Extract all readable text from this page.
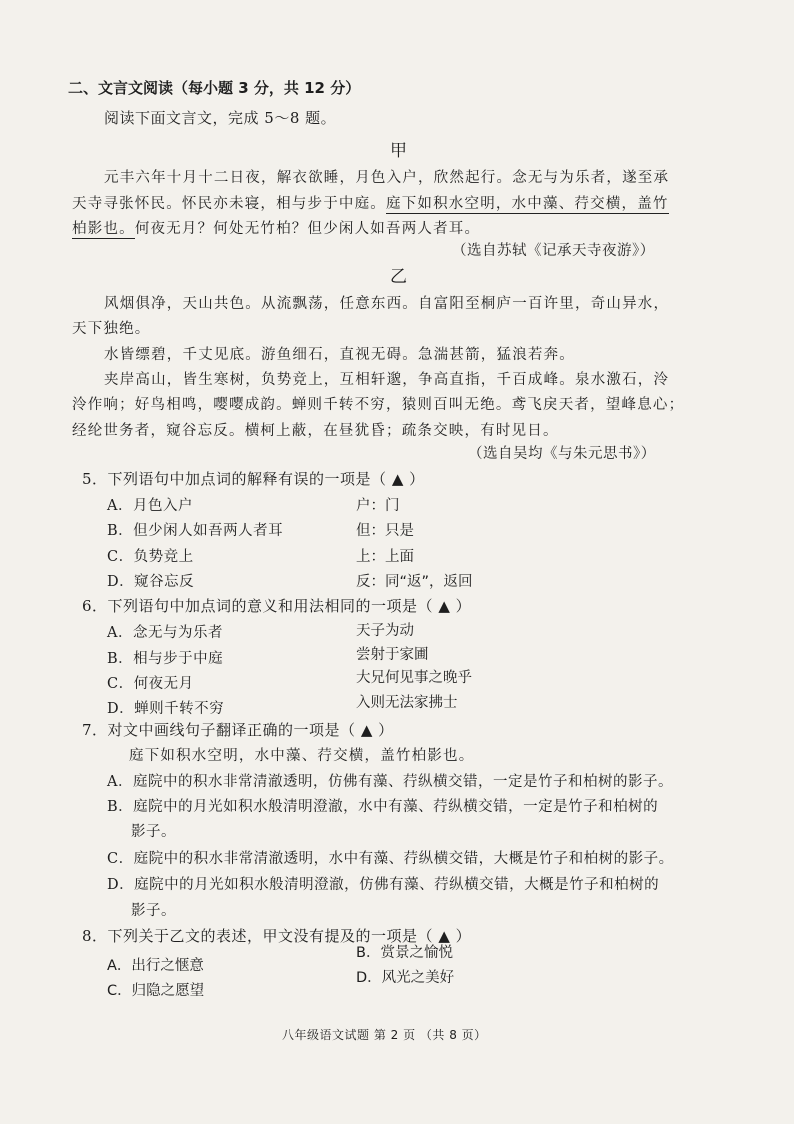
二、文言文阅读（每小题 3 分，共 12 分）
阅读下面文言文，完成 5～8 题。
甲
元丰六年十月十二日夜，解衣欲睡，月色入户，欣然起行。念无与为乐者，遂至承
天寺寻张怀民。怀民亦未寝，相与步于中庭。庭下如积水空明，水中藻、荇交横，盖竹
柏影也。何夜无月？何处无竹柏？但少闲人如吾两人者耳。
（选自苏轼《记承天寺夜游》）
乙
风烟俱净，天山共色。从流飘荡，任意东西。自富阳至桐庐一百许里，奇山异水，
天下独绝。
水皆缥碧，千丈见底。游鱼细石，直视无碍。急湍甚箭，猛浪若奔。
夹岸高山，皆生寒树，负势竞上，互相轩邈，争高直指，千百成峰。泉水激石，泠
泠作响；好鸟相鸣，嘤嘤成韵。蝉则千转不穷，猿则百叫无绝。鸢飞戾天者，望峰息心；
经纶世务者，窥谷忘反。横柯上蔽，在昼犹昏；疏条交映，有时见日。
（选自吴均《与朱元思书》）
5．下列语句中加点词的解释有误的一项是（ ▲ ）
A．月色入户	户：门
B．但少闲人如吾两人者耳	但：只是
C．负势竞上	上：上面
D．窥谷忘反	反：同“返”，返回
6．下列语句中加点词的意义和用法相同的一项是（ ▲ ）
A．念无与为乐者	天子为动
B．相与步于中庭	尝射于家圃
C．何夜无月	大兄何见事之晚乎
D．蝉则千转不穷	入则无法家拂士
7．对文中画线句子翻译正确的一项是（ ▲ ）
庭下如积水空明，水中藻、荇交横，盖竹柏影也。
A．庭院中的积水非常清澈透明，仿佛有藻、荇纵横交错，一定是竹子和柏树的影子。
B．庭院中的月光如积水般清明澄澈，水中有藻、荇纵横交错，一定是竹子和柏树的
影子。
C．庭院中的积水非常清澈透明，水中有藻、荇纵横交错，大概是竹子和柏树的影子。
D．庭院中的月光如积水般清明澄澈，仿佛有藻、荇纵横交错，大概是竹子和柏树的
影子。
8．下列关于乙文的表述，甲文没有提及的一项是（ ▲ ）
B．赏景之愉悦
A．出行之惬意
D．风光之美好
C．归隐之愿望
八年级语文试题 第 2 页 （共 8 页）
